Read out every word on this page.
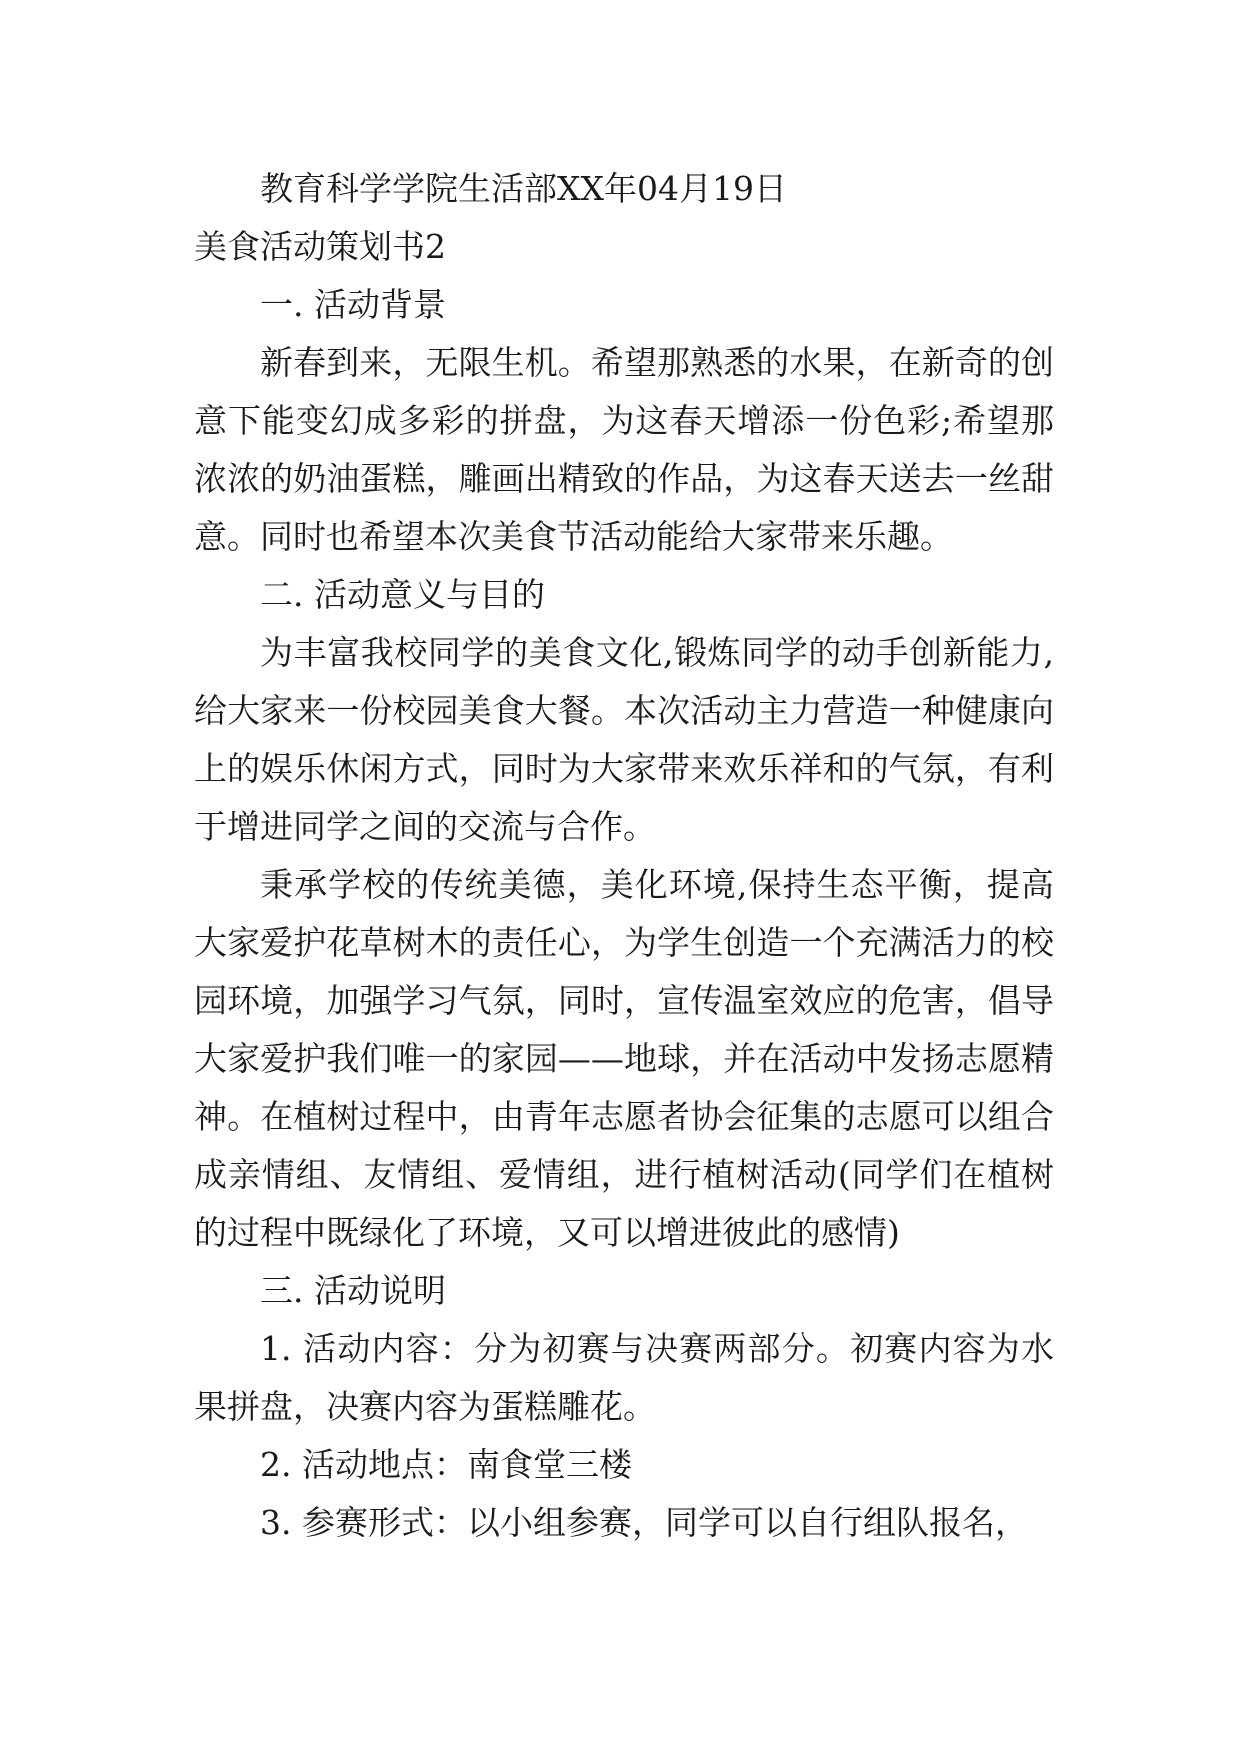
教育科学学院生活部XX年04月19日

美食活动策划书2

一. 活动背景

新春到来，无限生机。希望那熟悉的水果，在新奇的创意下能变幻成多彩的拼盘，为这春天增添一份色彩;希望那浓浓的奶油蛋糕，雕画出精致的作品，为这春天送去一丝甜意。同时也希望本次美食节活动能给大家带来乐趣。

二. 活动意义与目的

为丰富我校同学的美食文化,锻炼同学的动手创新能力,给大家来一份校园美食大餐。本次活动主力营造一种健康向上的娱乐休闲方式，同时为大家带来欢乐祥和的气氛，有利于增进同学之间的交流与合作。

秉承学校的传统美德，美化环境,保持生态平衡，提高大家爱护花草树木的责任心，为学生创造一个充满活力的校园环境，加强学习气氛，同时，宣传温室效应的危害，倡导大家爱护我们唯一的家园——地球，并在活动中发扬志愿精神。在植树过程中，由青年志愿者协会征集的志愿可以组合成亲情组、友情组、爱情组，进行植树活动(同学们在植树的过程中既绿化了环境，又可以增进彼此的感情)

三. 活动说明

1. 活动内容：分为初赛与决赛两部分。初赛内容为水果拼盘，决赛内容为蛋糕雕花。

2. 活动地点：南食堂三楼

3. 参赛形式：以小组参赛，同学可以自行组队报名，
